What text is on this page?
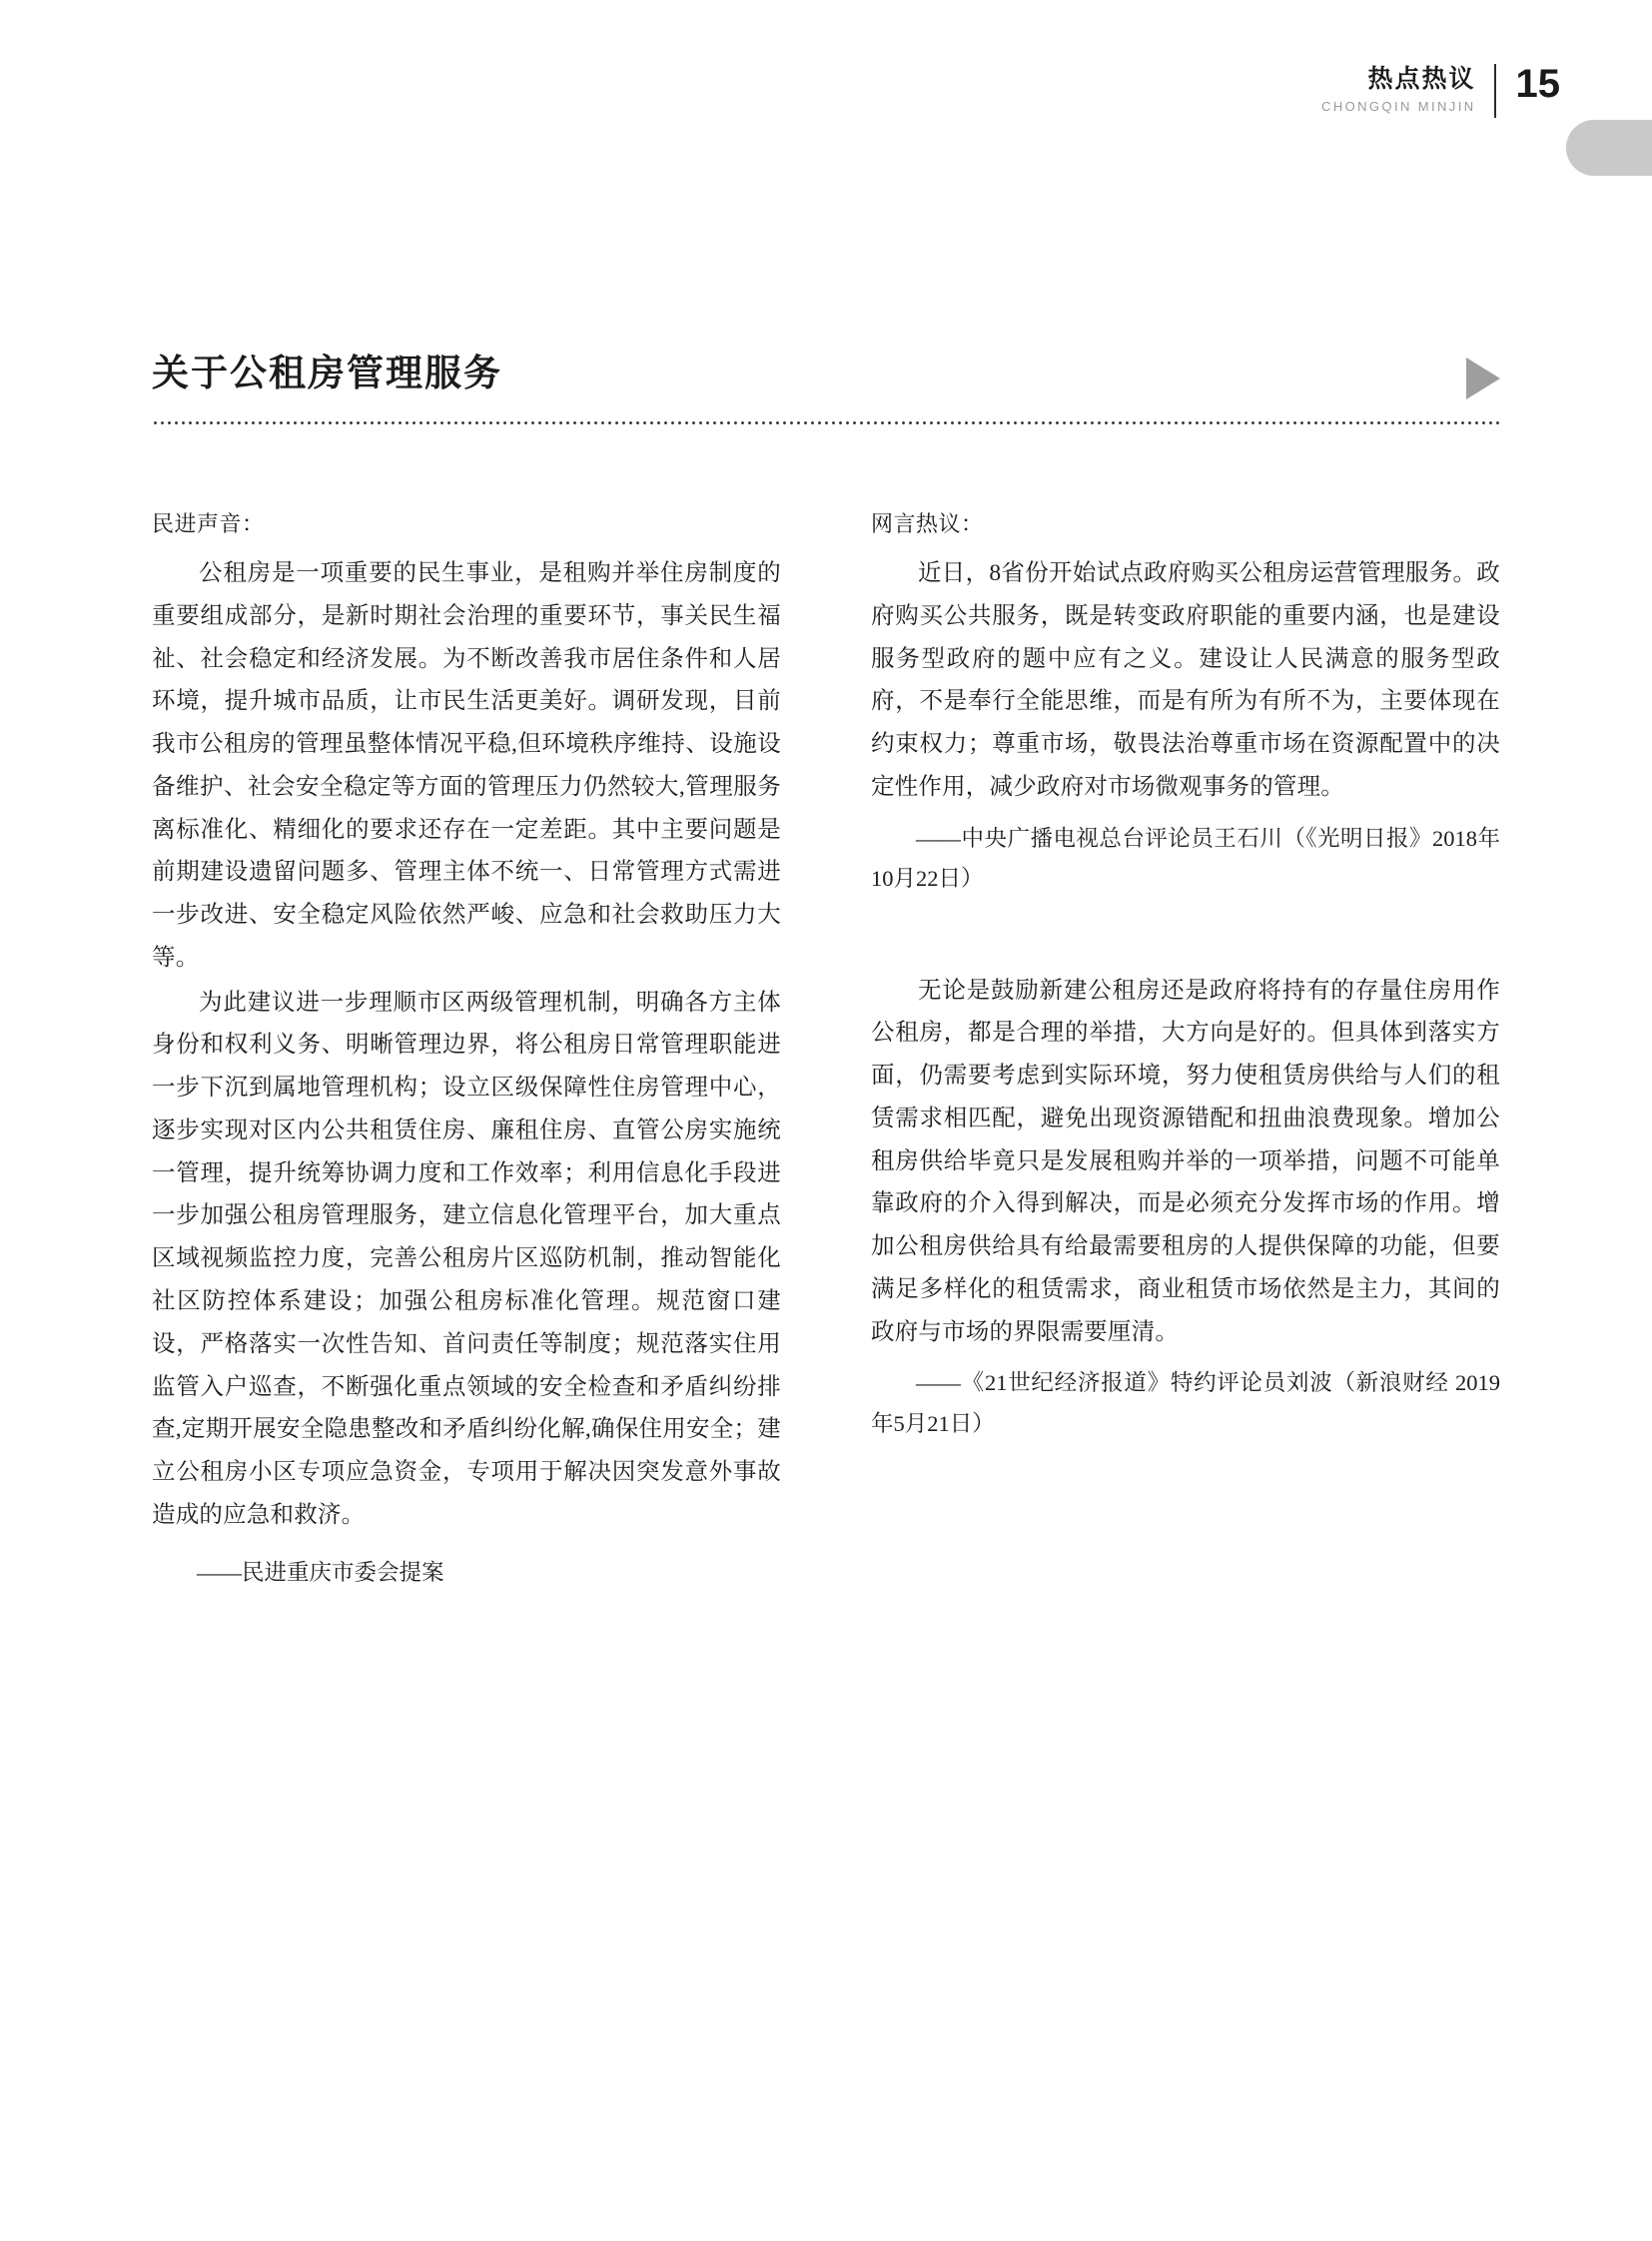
热点热议
CHONGQIN MINJIN 15
关于公租房管理服务

民进声音：

公租房是一项重要的民生事业，是租购并举住房制度的重要组成部分，是新时期社会治理的重要环节，事关民生福祉、社会稳定和经济发展。为不断改善我市居住条件和人居环境，提升城市品质，让市民生活更美好。调研发现，目前我市公租房的管理虽整体情况平稳,但环境秩序维持、设施设备维护、社会安全稳定等方面的管理压力仍然较大,管理服务离标准化、精细化的要求还存在一定差距。其中主要问题是前期建设遗留问题多、管理主体不统一、日常管理方式需进一步改进、安全稳定风险依然严峻、应急和社会救助压力大等。

为此建议进一步理顺市区两级管理机制，明确各方主体身份和权利义务、明晰管理边界，将公租房日常管理职能进一步下沉到属地管理机构；设立区级保障性住房管理中心，逐步实现对区内公共租赁住房、廉租住房、直管公房实施统一管理，提升统筹协调力度和工作效率；利用信息化手段进一步加强公租房管理服务，建立信息化管理平台，加大重点区域视频监控力度，完善公租房片区巡防机制，推动智能化社区防控体系建设；加强公租房标准化管理。规范窗口建设，严格落实一次性告知、首问责任等制度；规范落实住用监管入户巡查，不断强化重点领域的安全检查和矛盾纠纷排查,定期开展安全隐患整改和矛盾纠纷化解,确保住用安全；建立公租房小区专项应急资金，专项用于解决因突发意外事故造成的应急和救济。

——民进重庆市委会提案

网言热议：

近日，8省份开始试点政府购买公租房运营管理服务。政府购买公共服务，既是转变政府职能的重要内涵，也是建设服务型政府的题中应有之义。建设让人民满意的服务型政府，不是奉行全能思维，而是有所为有所不为，主要体现在约束权力；尊重市场，敬畏法治尊重市场在资源配置中的决定性作用，减少政府对市场微观事务的管理。

——中央广播电视总台评论员王石川（《光明日报》2018年10月22日）

无论是鼓励新建公租房还是政府将持有的存量住房用作公租房，都是合理的举措，大方向是好的。但具体到落实方面，仍需要考虑到实际环境，努力使租赁房供给与人们的租赁需求相匹配，避免出现资源错配和扭曲浪费现象。增加公租房供给毕竟只是发展租购并举的一项举措，问题不可能单靠政府的介入得到解决，而是必须充分发挥市场的作用。增加公租房供给具有给最需要租房的人提供保障的功能，但要满足多样化的租赁需求，商业租赁市场依然是主力，其间的政府与市场的界限需要厘清。

——《21世纪经济报道》特约评论员刘波（新浪财经 2019年5月21日）
